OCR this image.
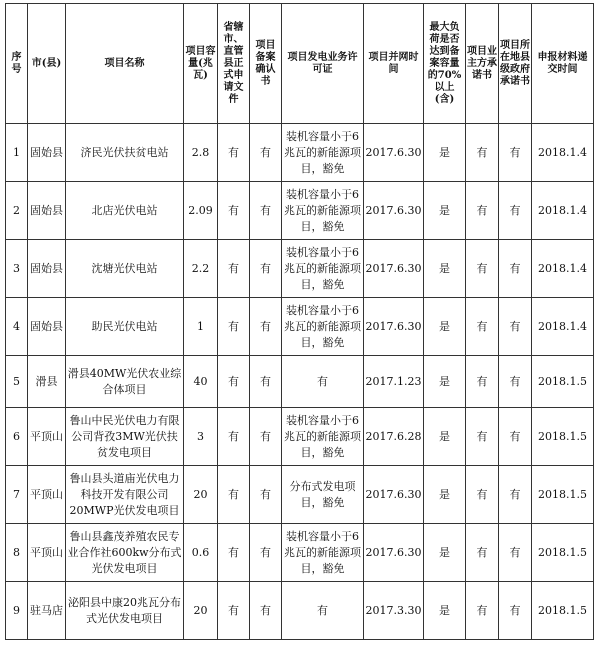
序号	市(县)	项目名称	项目容量(兆瓦)	省辖市、直管县正式申请文件	项目备案确认书	项目发电业务许可证	项目并网时间	最大负荷是否达到备案容量的70%以上(含)	项目业主方承诺书	项目所在地县级政府承诺书	申报材料递交时间
1	固始县	济民光伏扶贫电站	2.8	有	有	装机容量小于6兆瓦的新能源项目，豁免	2017.6.30	是	有	有	2018.1.4
2	固始县	北店光伏电站	2.09	有	有	装机容量小于6兆瓦的新能源项目，豁免	2017.6.30	是	有	有	2018.1.4
3	固始县	沈塘光伏电站	2.2	有	有	装机容量小于6兆瓦的新能源项目，豁免	2017.6.30	是	有	有	2018.1.4
4	固始县	助民光伏电站	1	有	有	装机容量小于6兆瓦的新能源项目，豁免	2017.6.30	是	有	有	2018.1.4
5	滑县	滑县40MW光伏农业综合体项目	40	有	有	有	2017.1.23	是	有	有	2018.1.5
6	平顶山	鲁山中民光伏电力有限公司背孜3MW光伏扶贫发电项目	3	有	有	装机容量小于6兆瓦的新能源项目，豁免	2017.6.28	是	有	有	2018.1.5
7	平顶山	鲁山县头道庙光伏电力科技开发有限公司20MWP光伏发电项目	20	有	有	分布式发电项目，豁免	2017.6.30	是	有	有	2018.1.5
8	平顶山	鲁山县鑫茂养殖农民专业合作社600kw分布式光伏发电项目	0.6	有	有	装机容量小于6兆瓦的新能源项目，豁免	2017.6.30	是	有	有	2018.1.5
9	驻马店	泌阳县中康20兆瓦分布式光伏发电项目	20	有	有	有	2017.3.30	是	有	有	2018.1.5
